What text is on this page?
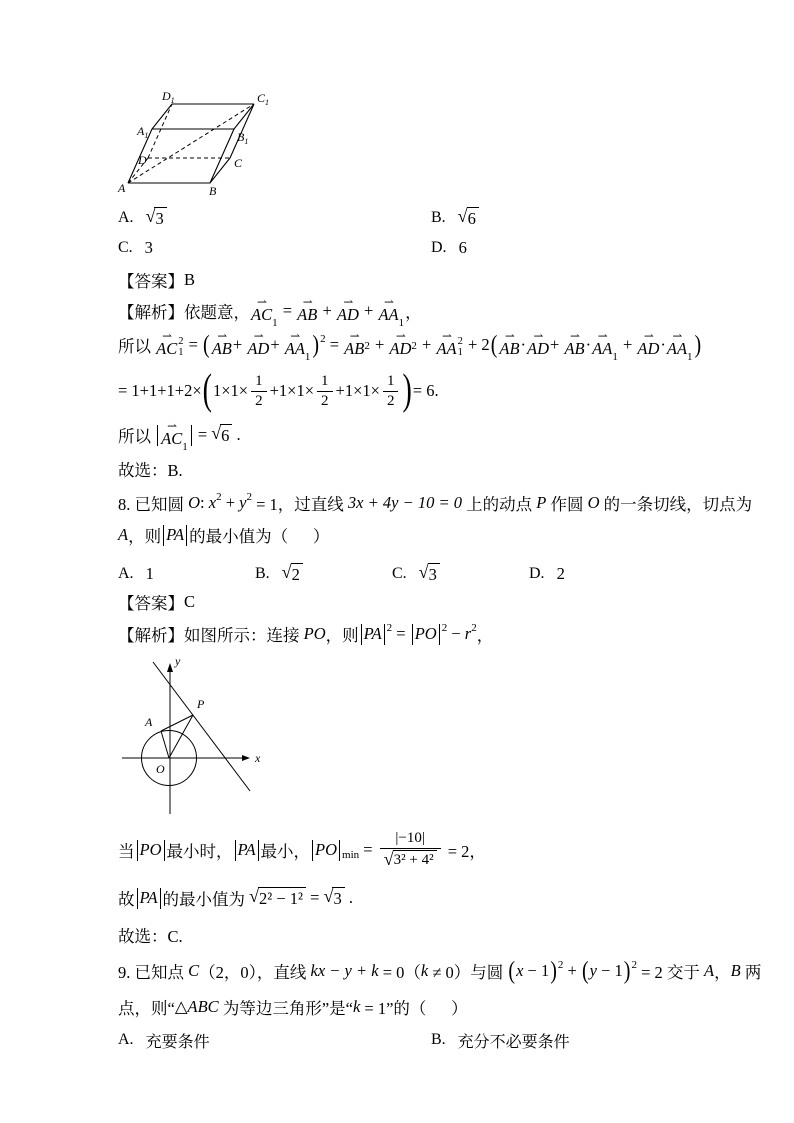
A	B
C
D
$A_1$	$B_1$
$C_1$
$D_1$
A. √ 3	B. √ 6
C. 3	D. 6
【答案】 B
【解析】依题意，
⇀
AC 1
= ⇀
AB + ⇀
AD + ⇀
AA 1
，
所以
⇀
AC 2
1 = ( ⇀
AB + ⇀
AD + ⇀
AA 1 ) 2 = ⇀
AB 2 + ⇀
AD 2 + ⇀
AA 2
1 + 2 ( ⇀
AB · ⇀
AD + ⇀
AB · ⇀
AA 1
+ ⇀
AD · ⇀
AA 1 )
= 1+1+1+2× ( $1\times 1\times \frac{1}{2} +1\times 1\times \frac{1}{2} +1\times 1\times \frac{1}{2}$ ) = 6.
所以
⇀
AC 1
= √ 6 .
故选：B.
8. 已知圆 O : x 2 + y 2 = 1，过直线 3x + 4y − 10 = 0 上的动点 P 作圆 O 的一条切线，切点为
A ，则 PA 的最小值为（      ）
A. 1	B. √ 2	C. √ 3	D. 2
【答案】 C
【解析】如图所示：连接 PO ，则 PA 2 = PO 2 − r 2 ，
y
x
O
A
P
当 PO 最小时， PA 最小， PO $\min = \frac{|-10|}{\text{√ 3² + 4²}} = 2$，
故 PA 的最小值为 √ 2² − 1² = √ 3 .
故选：C.
9. 已知点 C （2，0），直线 kx − y + k = 0（ k ≠ 0）与圆 ( x − 1 ) 2 + ( y − 1 ) 2 = 2 交于 A ， B 两
点，则“ △ABC 为等边三角形”是“ k = 1”的（      ）
A. 充要条件	B. 充分不必要条件
